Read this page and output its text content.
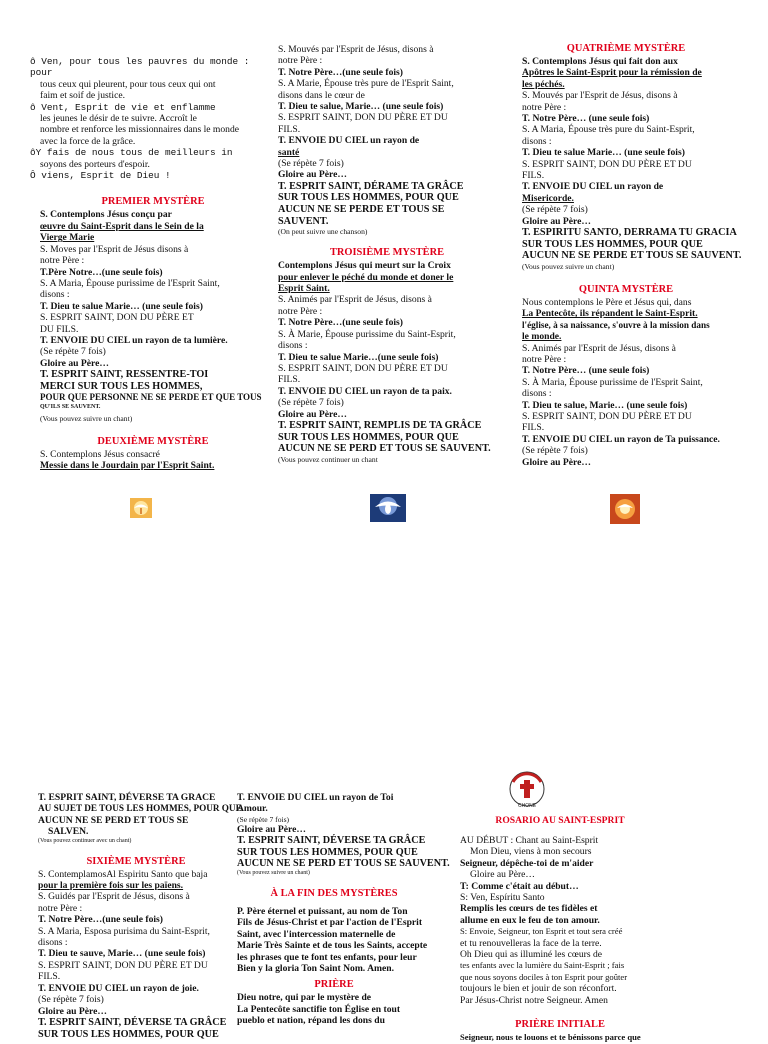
ô Ven, pour tous les pauvres du monde : pour

tous ceux qui pleurent, pour tous ceux qui ont

faim et soif de justice.

ô Vent, Esprit de vie et enflamme

les jeunes le désir de te suivre. Accroît le

nombre et renforce les missionnaires dans le monde

avec la force de la grâce.

ôY fais de nous tous de meilleurs in

soyons des porteurs d'espoir.

Ô viens, Esprit de Dieu !

PREMIER MYSTÈRE

S. Contemplons Jésus conçu par

œuvre du Saint-Esprit dans le Sein de la

Vierge Marie

S. Moves par l'Esprit de Jésus disons à

notre Père :

T.Père Notre…(une seule fois)

S. A Maria, Épouse purissime de l'Esprit Saint,

disons :

T. Dieu te salue Marie… (une seule fois)

S. ESPRIT SAINT, DON DU PÈRE ET

DU FILS.

T. ENVOIE DU CIEL un rayon de ta lumière.

(Se répète 7 fois)

Gloire au Père…

T. ESPRIT SAINT, RESSENTRE-TOI

MERCI SUR TOUS LES HOMMES,

POUR QUE PERSONNE NE SE PERDE ET QUE TOUS

QU'ILS SE SAUVENT.

(Vous pouvez suivre un chant)

DEUXIÈME MYSTÈRE

S. Contemplons Jésus consacré

Messie dans le Jourdain par l'Esprit Saint.

S. Mouvés par l'Esprit de Jésus, disons à

notre Père :

T. Notre Père…(une seule fois)

S. A Marie, Épouse très pure de l'Esprit Saint,

disons dans le cœur de

T. Dieu te salue, Marie… (une seule fois)

S. ESPRIT SAINT, DON DU PÈRE ET DU

FILS.

T. ENVOIE DU CIEL un rayon de

santé

(Se répète 7 fois)

Gloire au Père…

T. ESPRIT SAINT, DÉRAME TA GRÂCE

SUR TOUS LES HOMMES, POUR QUE

AUCUN NE SE PERDE ET TOUS SE SAUVENT.

(On peut suivre une chanson)

TROISIÈME MYSTÈRE

Contemplons Jésus qui meurt sur la Croix

pour enlever le péché du monde et doner le

Esprit Saint.

S. Animés par l'Esprit de Jésus, disons à

notre Père :

T. Notre Père…(une seule fois)

S. À Marie, Épouse purissime du Saint-Esprit,

disons :

T. Dieu te salue Marie…(une seule fois)

S. ESPRIT SAINT, DON DU PÈRE ET DU

FILS.

T. ENVOIE DU CIEL un rayon de ta paix.

(Se répète 7 fois)

Gloire au Père…

T. ESPRIT SAINT, REMPLIS DE TA GRÂCE

SUR TOUS LES HOMMES, POUR QUE

AUCUN NE SE PERD ET TOUS SE SAUVENT.

(Vous pouvez continuer un chant

QUATRIÈME MYSTÈRE

S. Contemplons Jésus qui fait don aux

Apôtres le Saint-Esprit pour la rémission de

les péchés.

S. Mouvés par l'Esprit de Jésus, disons à

notre Père :

T. Notre Père… (une seule fois)

S. A Maria, Épouse très pure du Saint-Esprit,

disons :

T. Dieu te salue Marie… (une seule fois)

S. ESPRIT SAINT, DON DU PÈRE ET DU

FILS.

T. ENVOIE DU CIEL un rayon de

Misericorde.

(Se répète 7 fois)

Gloire au Père…

T. ESPIRITU SANTO, DERRAMA TU GRACIA

SUR TOUS LES HOMMES, POUR QUE

AUCUN NE SE PERDE ET TOUS SE SAUVENT.

(Vous pouvez suivre un chant)

QUINTA MYSTÈRE

Nous contemplons le Père et Jésus qui, dans

La Pentecôte, ils répandent le Saint-Esprit.

l'église, à sa naissance, s'ouvre à la mission dans

le monde.

S. Animés par l'Esprit de Jésus, disons à

notre Père :

T. Notre Père… (une seule fois)

S. À Maria, Épouse purissime de l'Esprit Saint,

disons :

T. Dieu te salue, Marie… (une seule fois)

S. ESPRIT SAINT, DON DU PÈRE ET DU

FILS.

T. ENVOIE DU CIEL un rayon de Ta puissance.

(Se répète 7 fois)

Gloire au Père…

T. ESPRIT SAINT, DÉVERSE TA GRACE

AU SUJET DE TOUS LES HOMMES, POUR QUE

AUCUN NE SE PERD ET TOUS SE

SALVEN.

(Vous pouvez continuer avec un chant)

SIXIÈME MYSTÈRE

S. ContemplamosAl Espiritu Santo que baja

pour la première fois sur les païens.

S. Guidés par l'Esprit de Jésus, disons à

notre Père :

T. Notre Père…(une seule fois)

S. A Maria, Esposa purisima du Saint-Esprit,

disons :

T. Dieu te sauve, Marie… (une seule fois)

S. ESPRIT SAINT, DON DU PÈRE ET DU

FILS.

T. ENVOIE DU CIEL un rayon de joie.

(Se répète 7 fois)

Gloire au Père…

T. ESPRIT SAINT, DÉVERSE TA GRÂCE

SUR TOUS LES HOMMES, POUR QUE

T. ENVOIE DU CIEL un rayon de Toi

Amour.

(Se répète 7 fois)

Gloire au Père…

T. ESPRIT SAINT, DÉVERSE TA GRÂCE

SUR TOUS LES HOMMES, POUR QUE

AUCUN NE SE PERD ET TOUS SE SAUVENT.

(Vous pouvez suivre un chant)

À LA FIN DES MYSTÈRES

P. Père éternel et puissant, au nom de Ton

Fils de Jésus-Christ et par l'action de l'Esprit

Saint, avec l'intercession maternelle de

Marie Très Sainte et de tous les Saints, accepte

les phrases que te font tes enfants, pour leur

Bien y la gloria Ton Saint Nom. Amen.

PRIÈRE

Dieu notre, qui par le mystère de

La Pentecôte sanctifie ton Église en tout

pueblo et nation, répand les dons du

CHONE

ROSARIO AU SAINT-ESPRIT

AU DÉBUT : Chant au Saint-Esprit

Mon Dieu, viens à mon secours

Seigneur, dépêche-toi de m'aider

Gloire au Père…

T: Comme c'était au début…

S: Ven, Espíritu Santo

Remplis les cœurs de tes fidèles et

allume en eux le feu de ton amour.

S: Envoie, Seigneur, ton Esprit et tout sera créé

et tu renouvelleras la face de la terre.

Oh Dieu qui as illuminé les cœurs de

tes enfants avec la lumière du Saint-Esprit ; fais

que nous soyons dociles à ton Esprit pour goûter

toujours le bien et jouir de son réconfort.

Par Jésus-Christ notre Seigneur. Amen

PRIÈRE INITIALE

Seigneur, nous te louons et te bénissons parce que
